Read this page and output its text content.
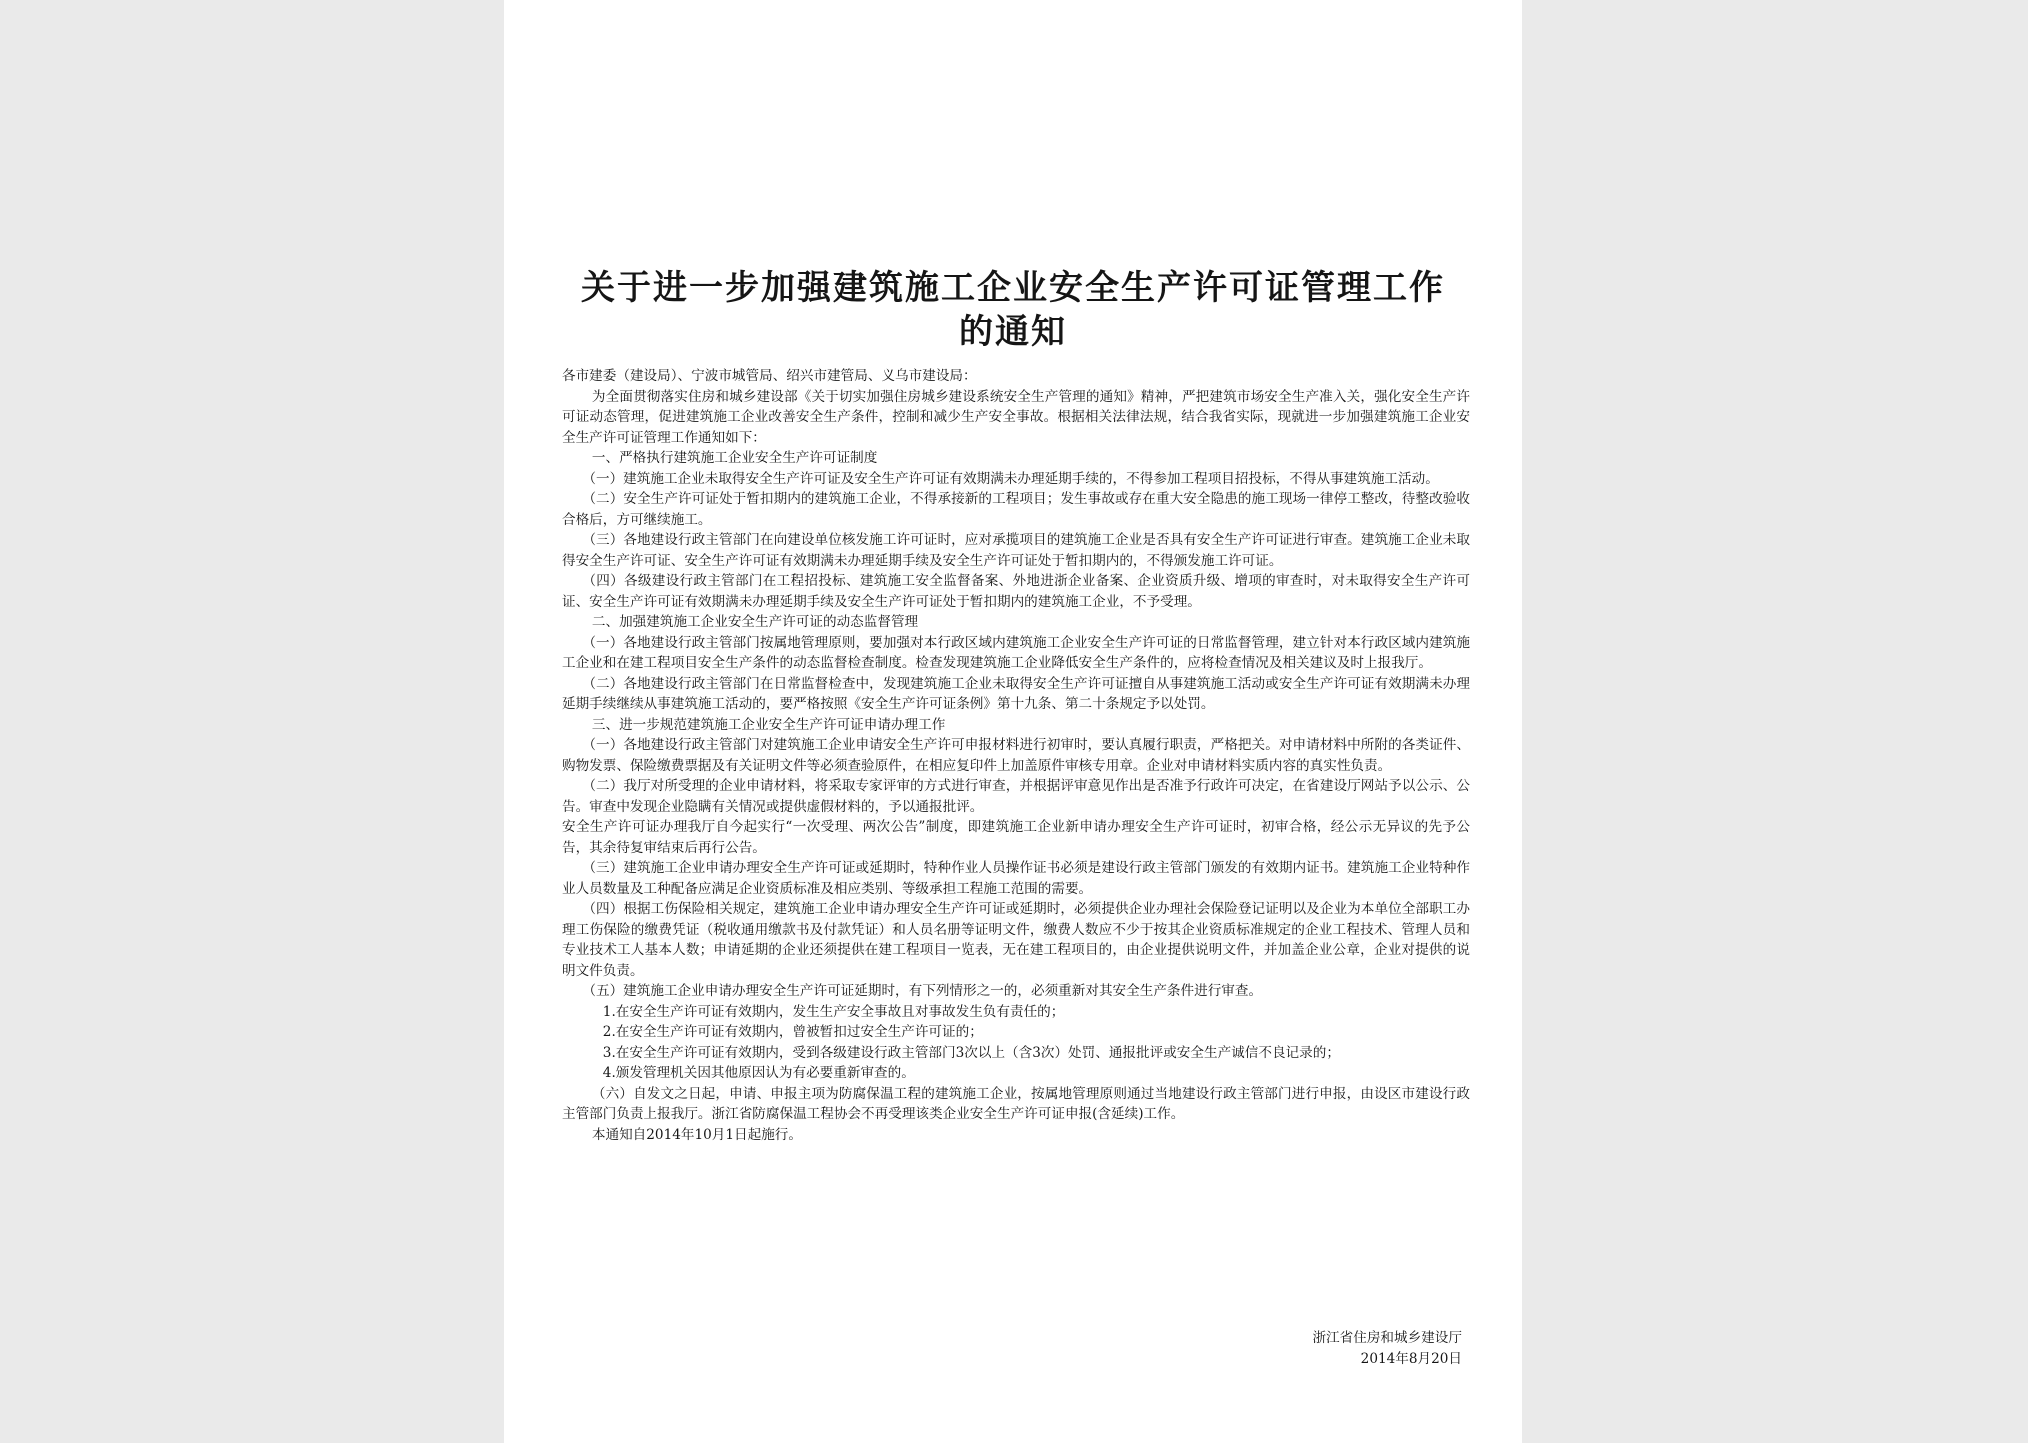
关于进一步加强建筑施工企业安全生产许可证管理工作
的通知

各市建委（建设局）、宁波市城管局、绍兴市建管局、义乌市建设局：

为全面贯彻落实住房和城乡建设部《关于切实加强住房城乡建设系统安全生产管理的通知》精神，严把建筑市场安全生产准入关，强化安全生产许可证动态管理，促进建筑施工企业改善安全生产条件，控制和减少生产安全事故。根据相关法律法规，结合我省实际，现就进一步加强建筑施工企业安全生产许可证管理工作通知如下：

一、严格执行建筑施工企业安全生产许可证制度

（一）建筑施工企业未取得安全生产许可证及安全生产许可证有效期满未办理延期手续的，不得参加工程项目招投标，不得从事建筑施工活动。

（二）安全生产许可证处于暂扣期内的建筑施工企业，不得承接新的工程项目；发生事故或存在重大安全隐患的施工现场一律停工整改，待整改验收合格后，方可继续施工。

（三）各地建设行政主管部门在向建设单位核发施工许可证时，应对承揽项目的建筑施工企业是否具有安全生产许可证进行审查。建筑施工企业未取得安全生产许可证、安全生产许可证有效期满未办理延期手续及安全生产许可证处于暂扣期内的，不得颁发施工许可证。

（四）各级建设行政主管部门在工程招投标、建筑施工安全监督备案、外地进浙企业备案、企业资质升级、增项的审查时，对未取得安全生产许可证、安全生产许可证有效期满未办理延期手续及安全生产许可证处于暂扣期内的建筑施工企业，不予受理。

二、加强建筑施工企业安全生产许可证的动态监督管理

（一）各地建设行政主管部门按属地管理原则，要加强对本行政区域内建筑施工企业安全生产许可证的日常监督管理，建立针对本行政区域内建筑施工企业和在建工程项目安全生产条件的动态监督检查制度。检查发现建筑施工企业降低安全生产条件的，应将检查情况及相关建议及时上报我厅。

（二）各地建设行政主管部门在日常监督检查中，发现建筑施工企业未取得安全生产许可证擅自从事建筑施工活动或安全生产许可证有效期满未办理延期手续继续从事建筑施工活动的，要严格按照《安全生产许可证条例》第十九条、第二十条规定予以处罚。

三、进一步规范建筑施工企业安全生产许可证申请办理工作

（一）各地建设行政主管部门对建筑施工企业申请安全生产许可申报材料进行初审时，要认真履行职责，严格把关。对申请材料中所附的各类证件、购物发票、保险缴费票据及有关证明文件等必须查验原件，在相应复印件上加盖原件审核专用章。企业对申请材料实质内容的真实性负责。

（二）我厅对所受理的企业申请材料，将采取专家评审的方式进行审查，并根据评审意见作出是否准予行政许可决定，在省建设厅网站予以公示、公告。审查中发现企业隐瞒有关情况或提供虚假材料的，予以通报批评。

安全生产许可证办理我厅自今起实行“一次受理、两次公告”制度，即建筑施工企业新申请办理安全生产许可证时，初审合格，经公示无异议的先予公告，其余待复审结束后再行公告。

（三）建筑施工企业申请办理安全生产许可证或延期时，特种作业人员操作证书必须是建设行政主管部门颁发的有效期内证书。建筑施工企业特种作业人员数量及工种配备应满足企业资质标准及相应类别、等级承担工程施工范围的需要。

（四）根据工伤保险相关规定，建筑施工企业申请办理安全生产许可证或延期时，必须提供企业办理社会保险登记证明以及企业为本单位全部职工办理工伤保险的缴费凭证（税收通用缴款书及付款凭证）和人员名册等证明文件，缴费人数应不少于按其企业资质标准规定的企业工程技术、管理人员和专业技术工人基本人数；申请延期的企业还须提供在建工程项目一览表，无在建工程项目的，由企业提供说明文件，并加盖企业公章，企业对提供的说明文件负责。

（五）建筑施工企业申请办理安全生产许可证延期时，有下列情形之一的，必须重新对其安全生产条件进行审查。

1.在安全生产许可证有效期内，发生生产安全事故且对事故发生负有责任的；

2.在安全生产许可证有效期内，曾被暂扣过安全生产许可证的；

3.在安全生产许可证有效期内，受到各级建设行政主管部门3次以上（含3次）处罚、通报批评或安全生产诚信不良记录的；

4.颁发管理机关因其他原因认为有必要重新审查的。

（六）自发文之日起，申请、申报主项为防腐保温工程的建筑施工企业，按属地管理原则通过当地建设行政主管部门进行申报，由设区市建设行政主管部门负责上报我厅。浙江省防腐保温工程协会不再受理该类企业安全生产许可证申报(含延续)工作。

本通知自2014年10月1日起施行。

浙江省住房和城乡建设厅
2014年8月20日
